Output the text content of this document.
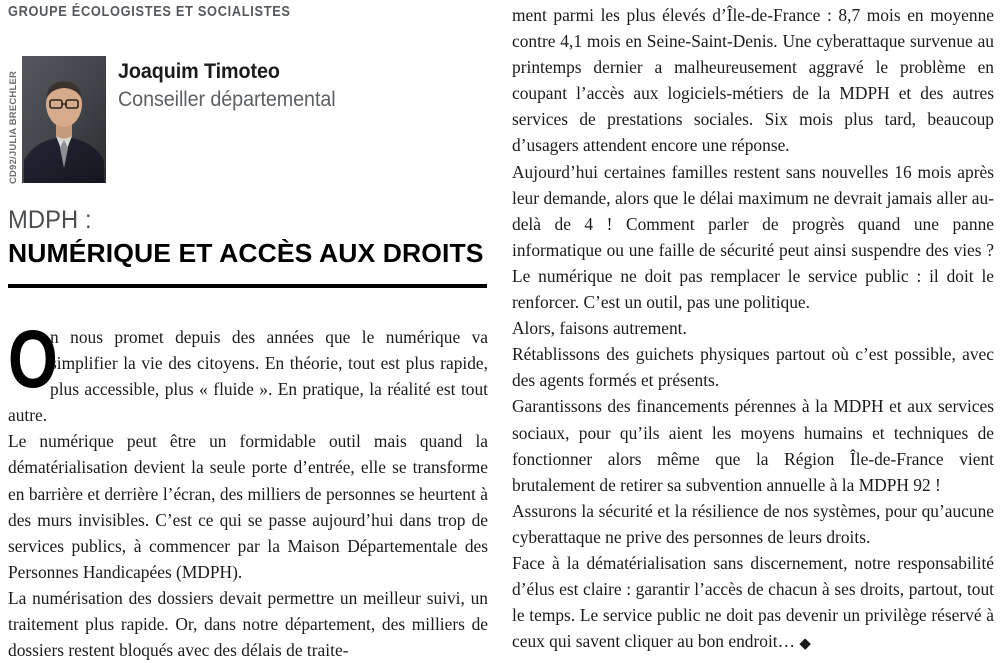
GROUPE ÉCOLOGISTES ET SOCIALISTES
CD92/JULIA BRECHLER	Joaquim Timoteo
Conseiller départemental
MDPH :
NUMÉRIQUE ET ACCÈS AUX DROITS

O
n nous promet depuis des années que le numérique va simplifier la vie des citoyens. En théorie, tout est plus rapide, plus accessible, plus « fluide ». En pratique, la réalité est tout autre.

Le numérique peut être un formidable outil mais quand la dématérialisation devient la seule porte d’entrée, elle se transforme en barrière et derrière l’écran, des milliers de personnes se heurtent à des murs invisibles. C’est ce qui se passe aujourd’hui dans trop de services publics, à commencer par la Maison Départementale des Personnes Handicapées (MDPH).

La numérisation des dossiers devait permettre un meilleur suivi, un traitement plus rapide. Or, dans notre département, des milliers de dossiers restent bloqués avec des délais de traite-

ment parmi les plus élevés d’Île-de-France : 8,7 mois en moyenne contre 4,1 mois en Seine-Saint-Denis. Une cyberattaque survenue au printemps dernier a malheureusement aggravé le problème en coupant l’accès aux logiciels-métiers de la MDPH et des autres services de prestations sociales. Six mois plus tard, beaucoup d’usagers attendent encore une réponse.

Aujourd’hui certaines familles restent sans nouvelles 16 mois après leur demande, alors que le délai maximum ne devrait jamais aller au-delà de 4 ! Comment parler de progrès quand une panne informatique ou une faille de sécurité peut ainsi suspendre des vies ? Le numérique ne doit pas remplacer le service public : il doit le renforcer. C’est un outil, pas une politique.

Alors, faisons autrement.

Rétablissons des guichets physiques partout où c’est possible, avec des agents formés et présents.

Garantissons des financements pérennes à la MDPH et aux services sociaux, pour qu’ils aient les moyens humains et techniques de fonctionner alors même que la Région Île-de-France vient brutalement de retirer sa subvention annuelle à la MDPH 92 !

Assurons la sécurité et la résilience de nos systèmes, pour qu’aucune cyberattaque ne prive des personnes de leurs droits.

Face à la dématérialisation sans discernement, notre responsabilité d’élus est claire : garantir l’accès de chacun à ses droits, partout, tout le temps. Le service public ne doit pas devenir un privilège réservé à ceux qui savent cliquer au bon endroit… ◆
